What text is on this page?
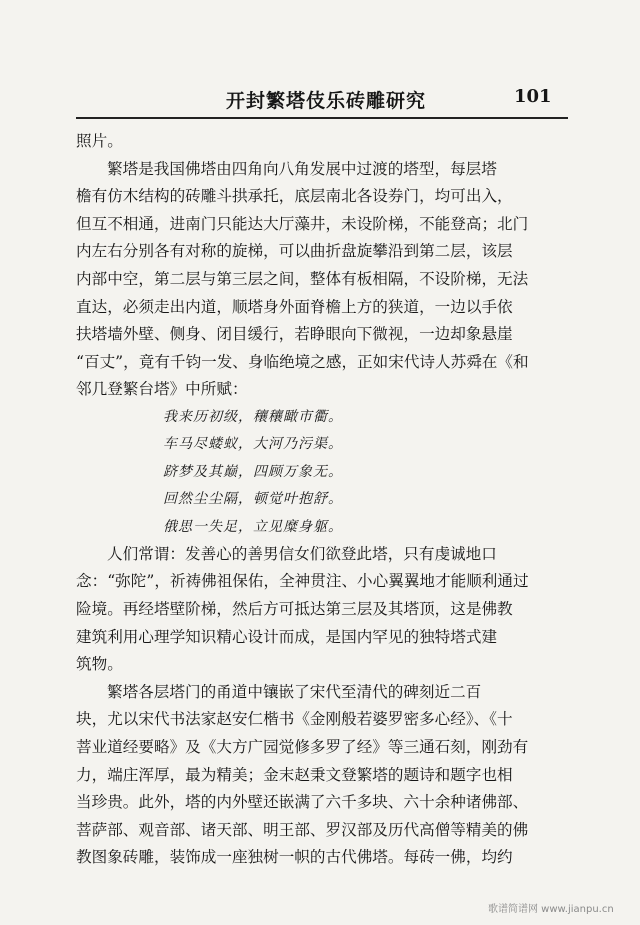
开封繁塔伎乐砖雕研究	101
照片。
繁塔是我国佛塔由四角向八角发展中过渡的塔型，每层塔
檐有仿木结构的砖雕斗拱承托，底层南北各设券门，均可出入，
但互不相通，进南门只能达大厅藻井，未设阶梯，不能登高；北门
内左右分别各有对称的旋梯，可以曲折盘旋攀沿到第二层，该层
内部中空，第二层与第三层之间，整体有板相隔，不设阶梯，无法
直达，必须走出内道，顺塔身外面脊檐上方的狭道，一边以手依
扶塔墙外壁、侧身、闭目缓行，若睁眼向下微视，一边却象悬崖
“百丈”，竟有千钧一发、身临绝境之感，正如宋代诗人苏舜在《和
邻几登繁台塔》中所赋：
我来历初级，穰穰瞰市衢。
车马尽蝼蚁，大河乃污渠。
跻梦及其巅，四顾万象无。
回然尘尘隔，顿觉叶抱舒。
俄思一失足，立见糜身躯。
人们常谓：发善心的善男信女们欲登此塔，只有虔诚地口
念：“弥陀”，祈祷佛祖保佑，全神贯注、小心翼翼地才能顺利通过
险境。再经塔壁阶梯，然后方可抵达第三层及其塔顶，这是佛教
建筑利用心理学知识精心设计而成，是国内罕见的独特塔式建
筑物。
繁塔各层塔门的甬道中镶嵌了宋代至清代的碑刻近二百
块，尤以宋代书法家赵安仁楷书《金刚般若婆罗密多心经》、《十
菩业道经要略》及《大方广园觉修多罗了经》等三通石刻，刚劲有
力，端庄浑厚，最为精美；金末赵秉文登繁塔的题诗和题字也相
当珍贵。此外，塔的内外壁还嵌满了六千多块、六十余种诸佛部、
菩萨部、观音部、诸天部、明王部、罗汉部及历代高僧等精美的佛
教图象砖雕，装饰成一座独树一帜的古代佛塔。每砖一佛，均约
歌谱简谱网 www.jianpu.cn
